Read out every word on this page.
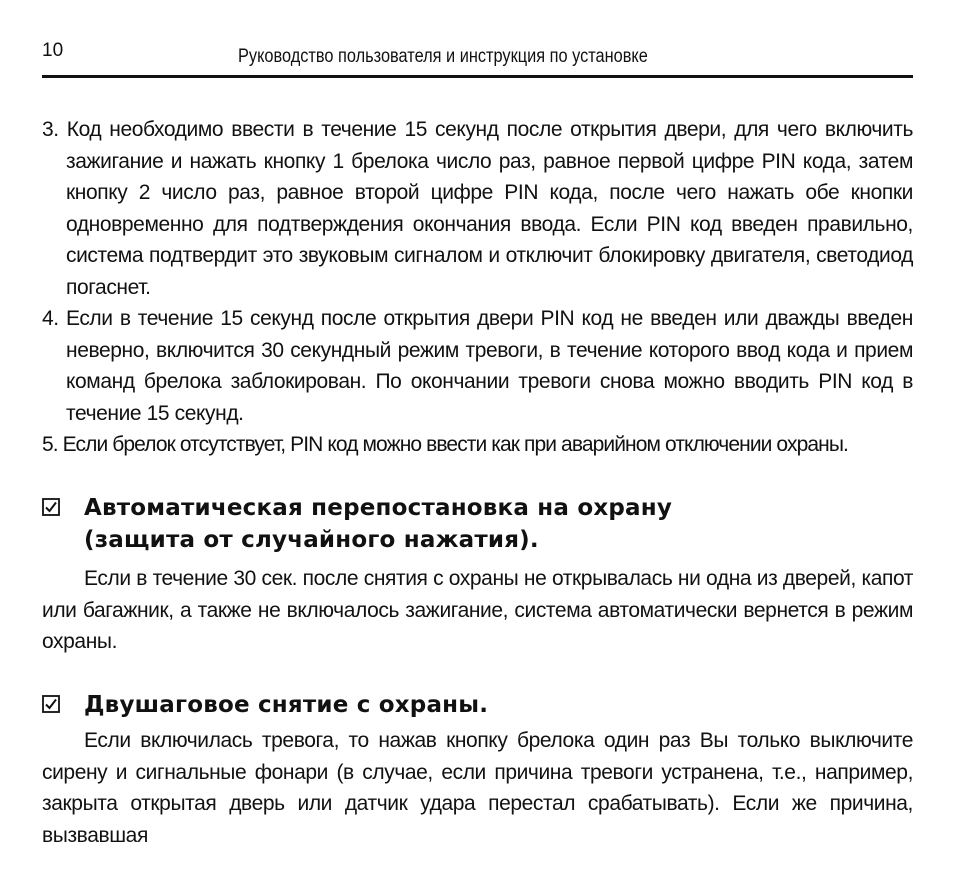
10	Руководство пользователя и инструкция по установке
3. Код необходимо ввести в течение 15 секунд после открытия двери, для чего включить зажигание и нажать кнопку 1 брелока число раз, равное первой цифре PIN кода, затем кнопку 2 число раз, равное второй цифре PIN кода, после чего нажать обе кнопки одновременно для подтверждения окончания ввода. Если PIN код введен правильно, система подтвердит это звуковым сигналом и отключит блокировку двигателя, светодиод погаснет.
4. Если в течение 15 секунд после открытия двери PIN код не введен или дважды введен неверно, включится 30 секундный режим тревоги, в течение которого ввод кода и прием команд брелока заблокирован. По окончании тревоги снова можно вводить PIN код в течение 15 секунд.
5. Если брелок отсутствует, PIN код можно ввести как при аварийном отключении охраны.
Автоматическая перепостановка на охрану
(защита от случайного нажатия).
Если в течение 30 сек. после снятия с охраны не открывалась ни одна из дверей, капот или багажник, а также не включалось зажигание, система автоматически вернется в режим охраны.
Двушаговое снятие с охраны.
Если включилась тревога, то нажав кнопку брелока один раз Вы только выключите сирену и сигнальные фонари (в случае, если причина тревоги устранена, т.е., например, закрыта открытая дверь или датчик удара перестал срабатывать). Если же причина, вызвавшая
